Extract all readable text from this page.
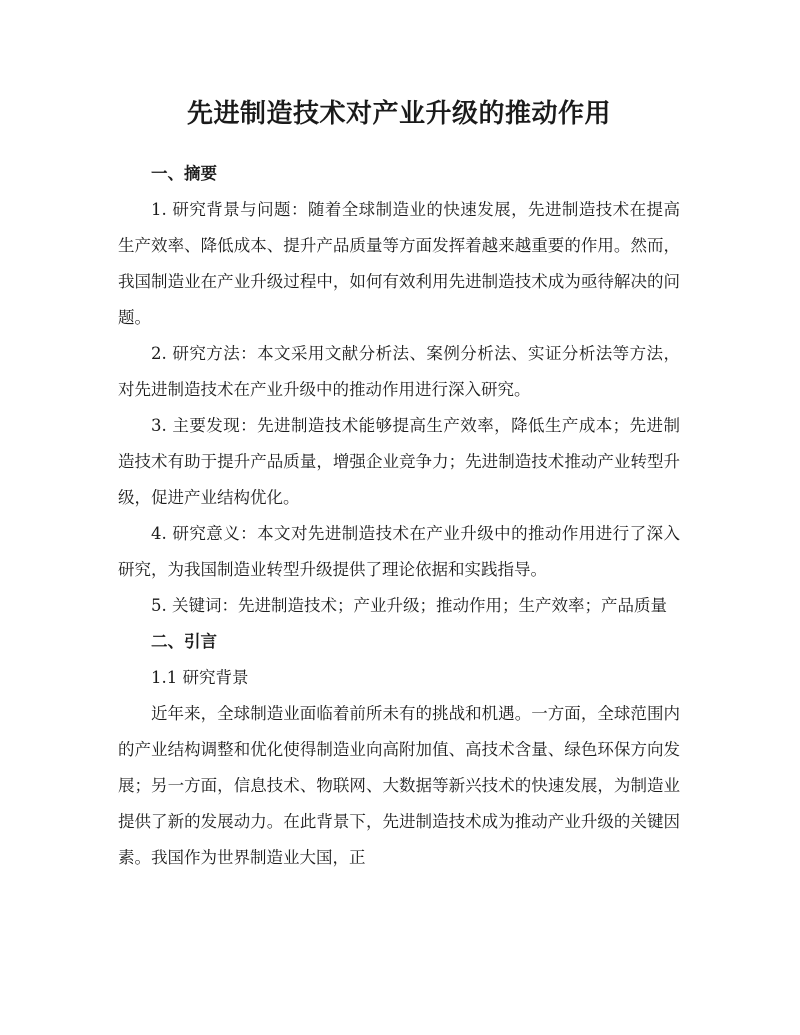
先进制造技术对产业升级的推动作用
一、摘要

1. 研究背景与问题：随着全球制造业的快速发展，先进制造技术在提高生产效率、降低成本、提升产品质量等方面发挥着越来越重要的作用。然而，我国制造业在产业升级过程中，如何有效利用先进制造技术成为亟待解决的问题。

2. 研究方法：本文采用文献分析法、案例分析法、实证分析法等方法，对先进制造技术在产业升级中的推动作用进行深入研究。

3. 主要发现：先进制造技术能够提高生产效率，降低生产成本；先进制造技术有助于提升产品质量，增强企业竞争力；先进制造技术推动产业转型升级，促进产业结构优化。

4. 研究意义：本文对先进制造技术在产业升级中的推动作用进行了深入研究，为我国制造业转型升级提供了理论依据和实践指导。

5. 关键词：先进制造技术；产业升级；推动作用；生产效率；产品质量

二、引言

1.1 研究背景

近年来，全球制造业面临着前所未有的挑战和机遇。一方面，全球范围内的产业结构调整和优化使得制造业向高附加值、高技术含量、绿色环保方向发展；另一方面，信息技术、物联网、大数据等新兴技术的快速发展，为制造业提供了新的发展动力。在此背景下，先进制造技术成为推动产业升级的关键因素。我国作为世界制造业大国，正
